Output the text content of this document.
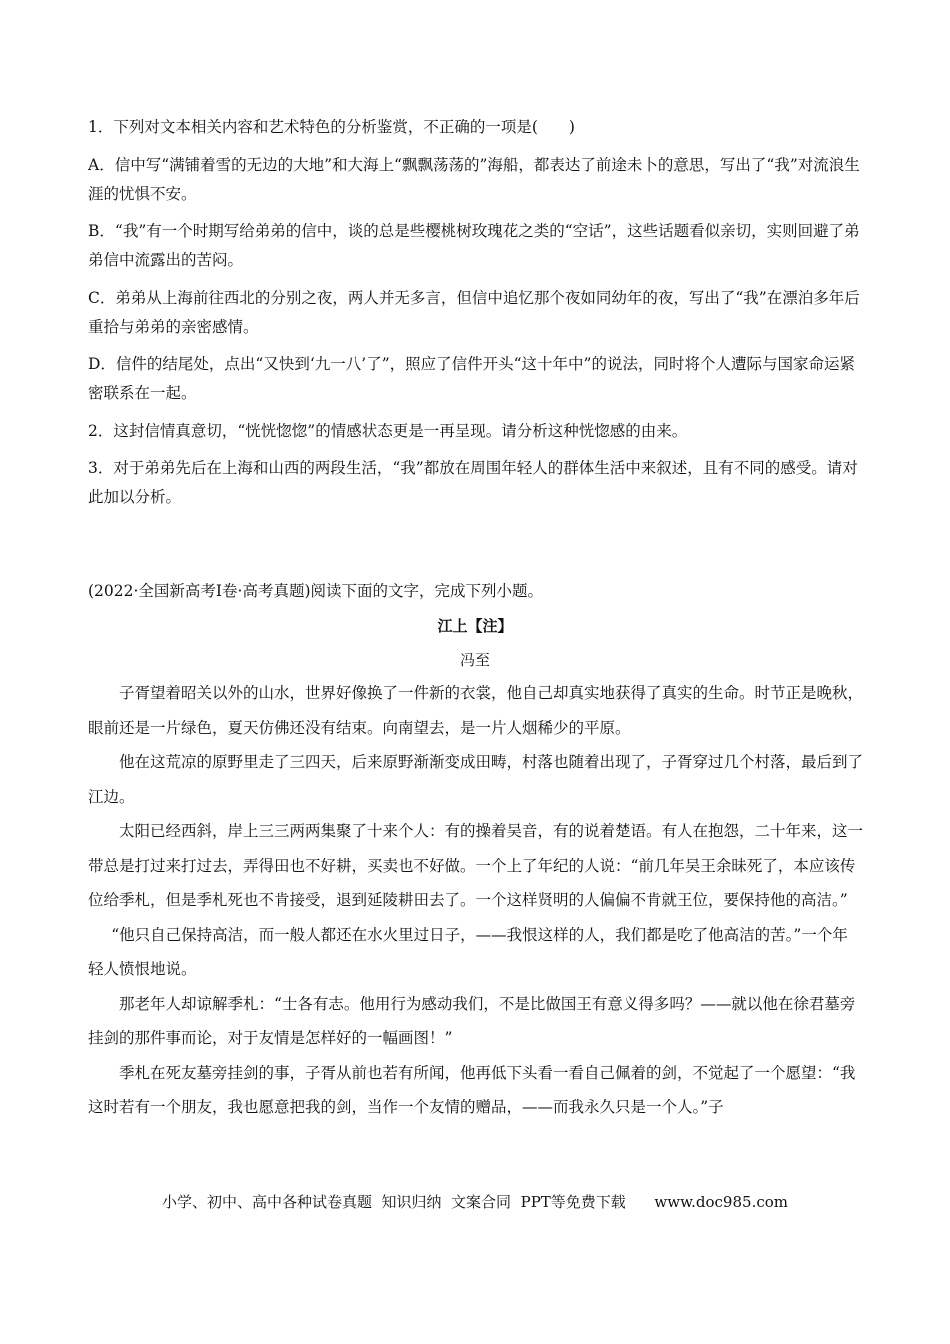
1．下列对文本相关内容和艺术特色的分析鉴赏，不正确的一项是(　　)

A．信中写“满铺着雪的无边的大地”和大海上“飘飘荡荡的”海船，都表达了前途未卜的意思，写出了“我”对流浪生涯的忧惧不安。

B．“我”有一个时期写给弟弟的信中，谈的总是些樱桃树玫瑰花之类的“空话”，这些话题看似亲切，实则回避了弟弟信中流露出的苦闷。

C．弟弟从上海前往西北的分别之夜，两人并无多言，但信中追忆那个夜如同幼年的夜，写出了“我”在漂泊多年后重拾与弟弟的亲密感情。

D．信件的结尾处，点出“又快到‘九一八’了”，照应了信件开头“这十年中”的说法，同时将个人遭际与国家命运紧密联系在一起。

2．这封信情真意切，“恍恍惚惚”的情感状态更是一再呈现。请分析这种恍惚感的由来。

3．对于弟弟先后在上海和山西的两段生活，“我”都放在周围年轻人的群体生活中来叙述，且有不同的感受。请对此加以分析。

(2022·全国新高考Ⅰ卷·高考真题)阅读下面的文字，完成下列小题。

江上【注】

冯至

子胥望着昭关以外的山水，世界好像换了一件新的衣裳，他自己却真实地获得了真实的生命。时节正是晚秋，眼前还是一片绿色，夏天仿佛还没有结束。向南望去，是一片人烟稀少的平原。

他在这荒凉的原野里走了三四天，后来原野渐渐变成田畴，村落也随着出现了，子胥穿过几个村落，最后到了江边。

太阳已经西斜，岸上三三两两集聚了十来个人：有的操着吴音，有的说着楚语。有人在抱怨，二十年来，这一带总是打过来打过去，弄得田也不好耕，买卖也不好做。一个上了年纪的人说：“前几年吴王余昧死了，本应该传位给季札，但是季札死也不肯接受，退到延陵耕田去了。一个这样贤明的人偏偏不肯就王位，要保持他的高洁。”

“他只自己保持高洁，而一般人都还在水火里过日子，——我恨这样的人，我们都是吃了他高洁的苦。”一个年轻人愤恨地说。

那老年人却谅解季札：“士各有志。他用行为感动我们，不是比做国王有意义得多吗？——就以他在徐君墓旁挂剑的那件事而论，对于友情是怎样好的一幅画图！”

季札在死友墓旁挂剑的事，子胥从前也若有所闻，他再低下头看一看自己佩着的剑，不觉起了一个愿望：“我这时若有一个朋友，我也愿意把我的剑，当作一个友情的赠品，——而我永久只是一个人。”子

小学、初中、高中各种试卷真题  知识归纳  文案合同  PPT等免费下载      www.doc985.com
